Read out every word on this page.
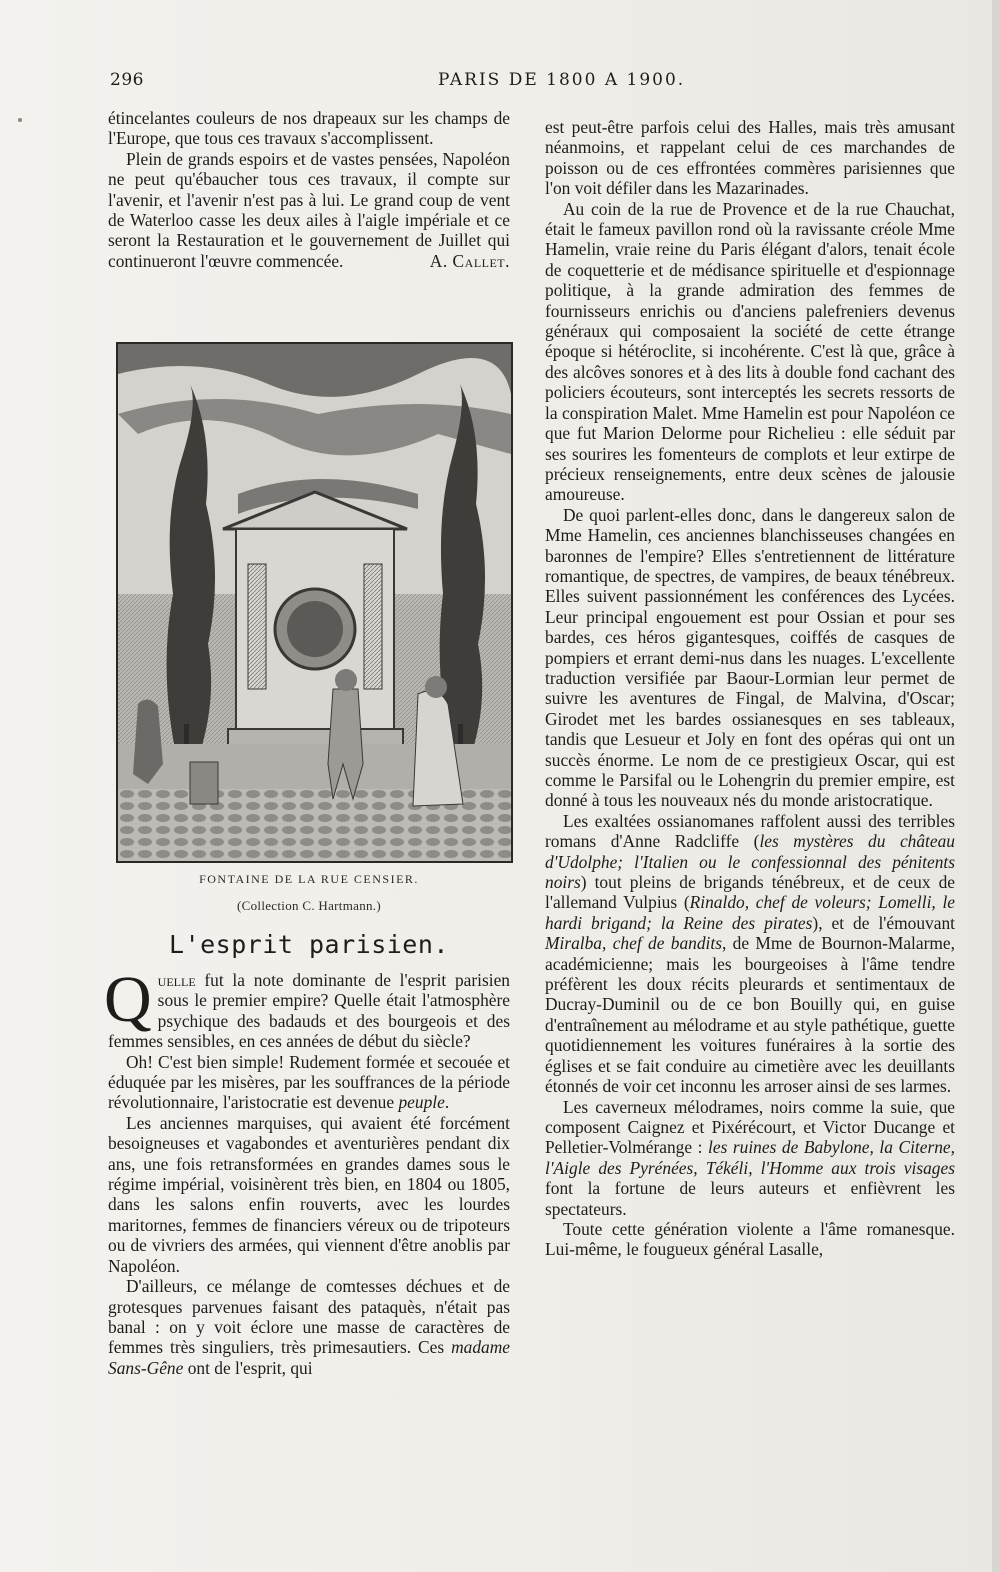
296	PARIS DE 1800 A 1900.

étincelantes couleurs de nos drapeaux sur les champs de l'Europe, que tous ces travaux s'accomplissent.

Plein de grands espoirs et de vastes pensées, Napoléon ne peut qu'ébaucher tous ces travaux, il compte sur l'avenir, et l'avenir n'est pas à lui. Le grand coup de vent de Waterloo casse les deux ailes à l'aigle impériale et ce seront la Restauration et le gouvernement de Juillet qui continueront l'œuvre commencée.	A. Callet.

FONTAINE DE LA RUE CENSIER.
(Collection C. Hartmann.)
L'esprit parisien.
Q uelle fut la note dominante de l'esprit parisien sous le premier empire? Quelle était l'atmosphère psychique des badauds et des bourgeois et des femmes sensibles, en ces années de début du siècle?

Oh! C'est bien simple! Rudement formée et secouée et éduquée par les misères, par les souffrances de la période révolutionnaire, l'aristocratie est devenue peuple.

Les anciennes marquises, qui avaient été forcément besoigneuses et vagabondes et aventurières pendant dix ans, une fois retransformées en grandes dames sous le régime impérial, voisinèrent très bien, en 1804 ou 1805, dans les salons enfin rouverts, avec les lourdes maritornes, femmes de financiers véreux ou de tripoteurs ou de vivriers des armées, qui viennent d'être anoblis par Napoléon.

D'ailleurs, ce mélange de comtesses déchues et de grotesques parvenues faisant des pataquès, n'était pas banal : on y voit éclore une masse de caractères de femmes très singuliers, très primesautiers. Ces madame Sans-Gêne ont de l'esprit, qui

est peut-être parfois celui des Halles, mais très amusant néanmoins, et rappelant celui de ces marchandes de poisson ou de ces effrontées commères parisiennes que l'on voit défiler dans les Mazarinades.

Au coin de la rue de Provence et de la rue Chauchat, était le fameux pavillon rond où la ravissante créole Mme Hamelin, vraie reine du Paris élégant d'alors, tenait école de coquetterie et de médisance spirituelle et d'espionnage politique, à la grande admiration des femmes de fournisseurs enrichis ou d'anciens palefreniers devenus généraux qui composaient la société de cette étrange époque si hétéroclite, si incohérente. C'est là que, grâce à des alcôves sonores et à des lits à double fond cachant des policiers écouteurs, sont interceptés les secrets ressorts de la conspiration Malet. Mme Hamelin est pour Napoléon ce que fut Marion Delorme pour Richelieu : elle séduit par ses sourires les fomenteurs de complots et leur extirpe de précieux renseignements, entre deux scènes de jalousie amoureuse.

De quoi parlent-elles donc, dans le dangereux salon de Mme Hamelin, ces anciennes blanchisseuses changées en baronnes de l'empire? Elles s'entretiennent de littérature romantique, de spectres, de vampires, de beaux ténébreux. Elles suivent passionnément les conférences des Lycées. Leur principal engouement est pour Ossian et pour ses bardes, ces héros gigantesques, coiffés de casques de pompiers et errant demi-nus dans les nuages. L'excellente traduction versifiée par Baour-Lormian leur permet de suivre les aventures de Fingal, de Malvina, d'Oscar; Girodet met les bardes ossianesques en ses tableaux, tandis que Lesueur et Joly en font des opéras qui ont un succès énorme. Le nom de ce prestigieux Oscar, qui est comme le Parsifal ou le Lohengrin du premier empire, est donné à tous les nouveaux nés du monde aristocratique.

Les exaltées ossianomanes raffolent aussi des terribles romans d'Anne Radcliffe (les mystères du château d'Udolphe; l'Italien ou le confessionnal des pénitents noirs) tout pleins de brigands ténébreux, et de ceux de l'allemand Vulpius (Rinaldo, chef de voleurs; Lomelli, le hardi brigand; la Reine des pirates), et de l'émouvant Miralba, chef de bandits, de Mme de Bournon-Malarme, académicienne; mais les bourgeoises à l'âme tendre préfèrent les doux récits pleurards et sentimentaux de Ducray-Duminil ou de ce bon Bouilly qui, en guise d'entraînement au mélodrame et au style pathétique, guette quotidiennement les voitures funéraires à la sortie des églises et se fait conduire au cimetière avec les deuillants étonnés de voir cet inconnu les arroser ainsi de ses larmes.

Les caverneux mélodrames, noirs comme la suie, que composent Caignez et Pixérécourt, et Victor Ducange et Pelletier-Volmérange : les ruines de Babylone, la Citerne, l'Aigle des Pyrénées, Tékéli, l'Homme aux trois visages font la fortune de leurs auteurs et enfièvrent les spectateurs.

Toute cette génération violente a l'âme romanesque. Lui-même, le fougueux général Lasalle,
